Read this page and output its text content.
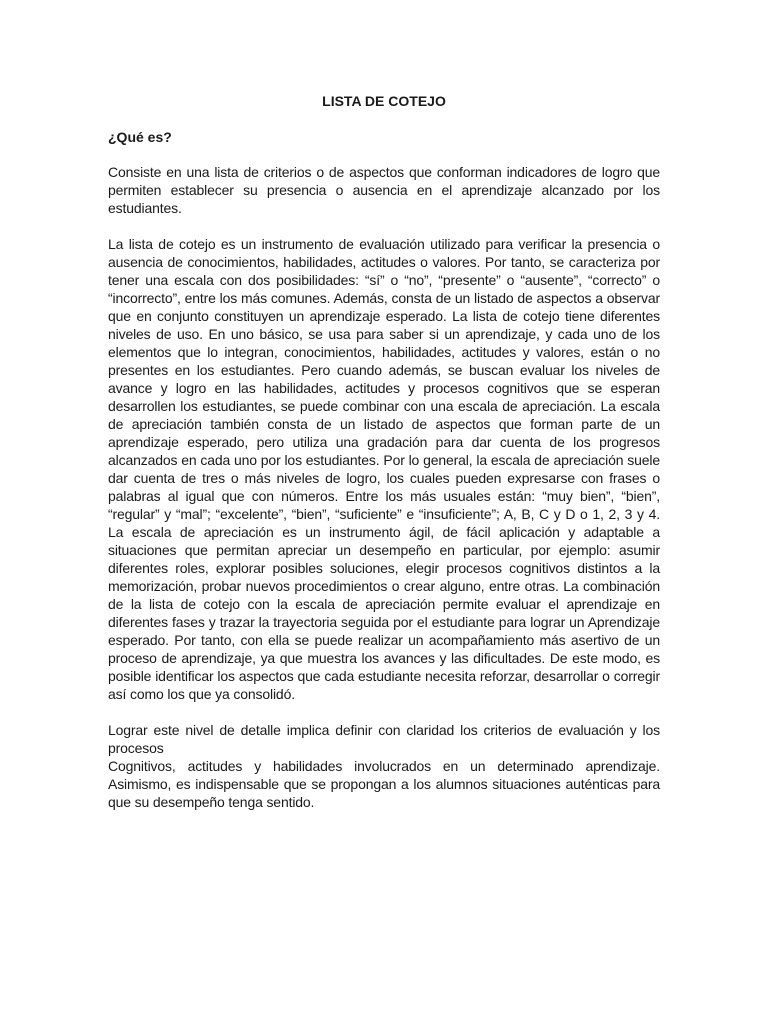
LISTA DE COTEJO
¿Qué es?

Consiste en una lista de criterios o de aspectos que conforman indicadores de logro que permiten establecer su presencia o ausencia en el aprendizaje alcanzado por los estudiantes.

La lista de cotejo es un instrumento de evaluación utilizado para verificar la presencia o ausencia de conocimientos, habilidades, actitudes o valores. Por tanto, se caracteriza por tener una escala con dos posibilidades: “sí” o “no”, “presente” o “ausente”, “correcto” o “incorrecto”, entre los más comunes. Además, consta de un listado de aspectos a observar que en conjunto constituyen un aprendizaje esperado. La lista de cotejo tiene diferentes niveles de uso. En uno básico, se usa para saber si un aprendizaje, y cada uno de los elementos que lo integran, conocimientos, habilidades, actitudes y valores, están o no presentes en los estudiantes. Pero cuando además, se buscan evaluar los niveles de avance y logro en las habilidades, actitudes y procesos cognitivos que se esperan desarrollen los estudiantes, se puede combinar con una escala de apreciación. La escala de apreciación también consta de un listado de aspectos que forman parte de un aprendizaje esperado, pero utiliza una gradación para dar cuenta de los progresos alcanzados en cada uno por los estudiantes. Por lo general, la escala de apreciación suele dar cuenta de tres o más niveles de logro, los cuales pueden expresarse con frases o palabras al igual que con números. Entre los más usuales están: “muy bien”, “bien”, “regular” y “mal”; “excelente”, “bien”, “suficiente” e “insuficiente”; A, B, C y D o 1, 2, 3 y 4. La escala de apreciación es un instrumento ágil, de fácil aplicación y adaptable a situaciones que permitan apreciar un desempeño en particular, por ejemplo: asumir diferentes roles, explorar posibles soluciones, elegir procesos cognitivos distintos a la memorización, probar nuevos procedimientos o crear alguno, entre otras. La combinación de la lista de cotejo con la escala de apreciación permite evaluar el aprendizaje en diferentes fases y trazar la trayectoria seguida por el estudiante para lograr un Aprendizaje esperado. Por tanto, con ella se puede realizar un acompañamiento más asertivo de un proceso de aprendizaje, ya que muestra los avances y las dificultades. De este modo, es posible identificar los aspectos que cada estudiante necesita reforzar, desarrollar o corregir así como los que ya consolidó.

Lograr este nivel de detalle implica definir con claridad los criterios de evaluación y los procesos

Cognitivos, actitudes y habilidades involucrados en un determinado aprendizaje. Asimismo, es indispensable que se propongan a los alumnos situaciones auténticas para que su desempeño tenga sentido.
